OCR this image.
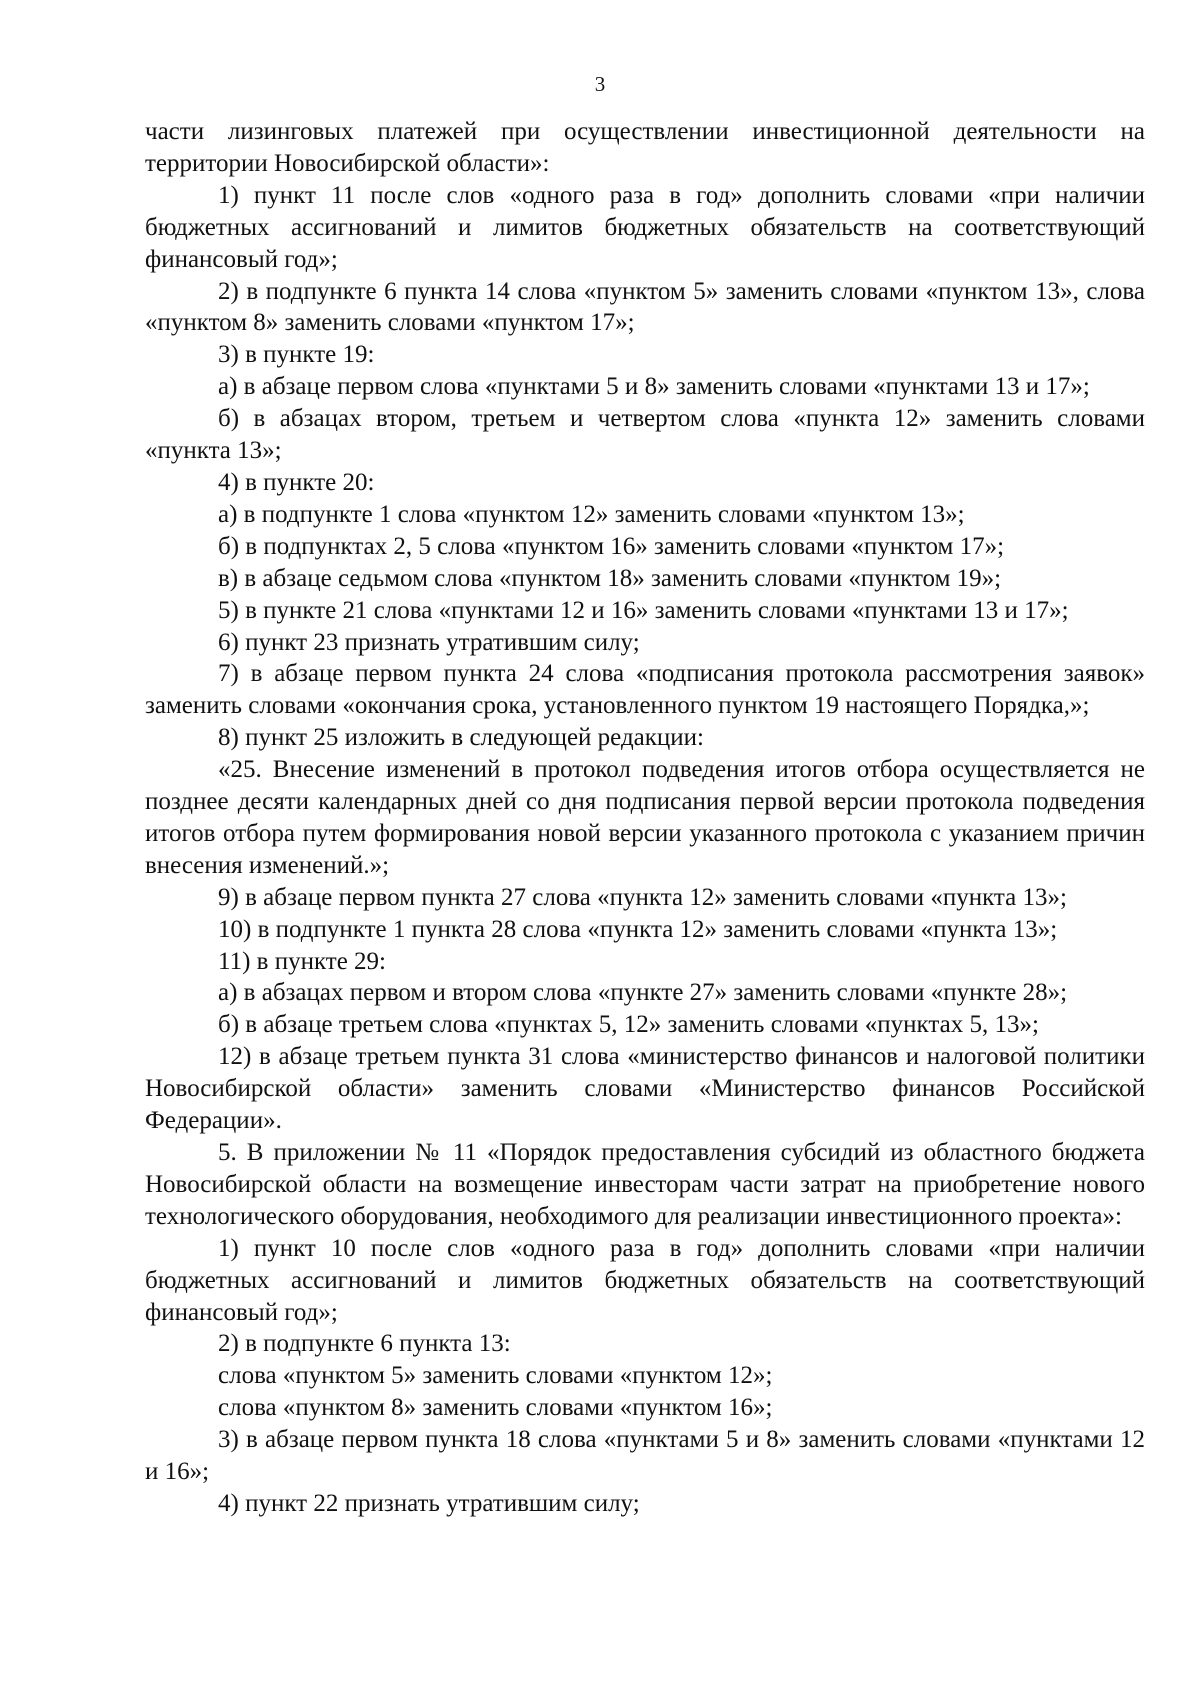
3

части лизинговых платежей при осуществлении инвестиционной деятельности на территории Новосибирской области»:

1) пункт 11 после слов «одного раза в год» дополнить словами «при наличии бюджетных ассигнований и лимитов бюджетных обязательств на соответствующий финансовый год»;

2) в подпункте 6 пункта 14 слова «пунктом 5» заменить словами «пунктом 13», слова «пунктом 8» заменить словами «пунктом 17»;

3) в пункте 19:

а) в абзаце первом слова «пунктами 5 и 8» заменить словами «пунктами 13 и 17»;

б) в абзацах втором, третьем и четвертом слова «пункта 12» заменить словами «пункта 13»;

4) в пункте 20:

а) в подпункте 1 слова «пунктом 12» заменить словами «пунктом 13»;

б) в подпунктах 2, 5 слова «пунктом 16» заменить словами «пунктом 17»;

в) в абзаце седьмом слова «пунктом 18» заменить словами «пунктом 19»;

5) в пункте 21 слова «пунктами 12 и 16» заменить словами «пунктами 13 и 17»;

6) пункт 23 признать утратившим силу;

7) в абзаце первом пункта 24 слова «подписания протокола рассмотрения заявок» заменить словами «окончания срока, установленного пунктом 19 настоящего Порядка,»;

8) пункт 25 изложить в следующей редакции:

«25. Внесение изменений в протокол подведения итогов отбора осуществляется не позднее десяти календарных дней со дня подписания первой версии протокола подведения итогов отбора путем формирования новой версии указанного протокола с указанием причин внесения изменений.»;

9) в абзаце первом пункта 27 слова «пункта 12» заменить словами «пункта 13»;

10) в подпункте 1 пункта 28 слова «пункта 12» заменить словами «пункта 13»;

11) в пункте 29:

а) в абзацах первом и втором слова «пункте 27» заменить словами «пункте 28»;

б) в абзаце третьем слова «пунктах 5, 12» заменить словами «пунктах 5, 13»;

12) в абзаце третьем пункта 31 слова «министерство финансов и налоговой политики Новосибирской области» заменить словами «Министерство финансов Российской Федерации».

5. В приложении № 11 «Порядок предоставления субсидий из областного бюджета Новосибирской области на возмещение инвесторам части затрат на приобретение нового технологического оборудования, необходимого для реализации инвестиционного проекта»:

1) пункт 10 после слов «одного раза в год» дополнить словами «при наличии бюджетных ассигнований и лимитов бюджетных обязательств на соответствующий финансовый год»;

2) в подпункте 6 пункта 13:

слова «пунктом 5» заменить словами «пунктом 12»;

слова «пунктом 8» заменить словами «пунктом 16»;

3) в абзаце первом пункта 18 слова «пунктами 5 и 8» заменить словами «пунктами 12 и 16»;

4) пункт 22 признать утратившим силу;
